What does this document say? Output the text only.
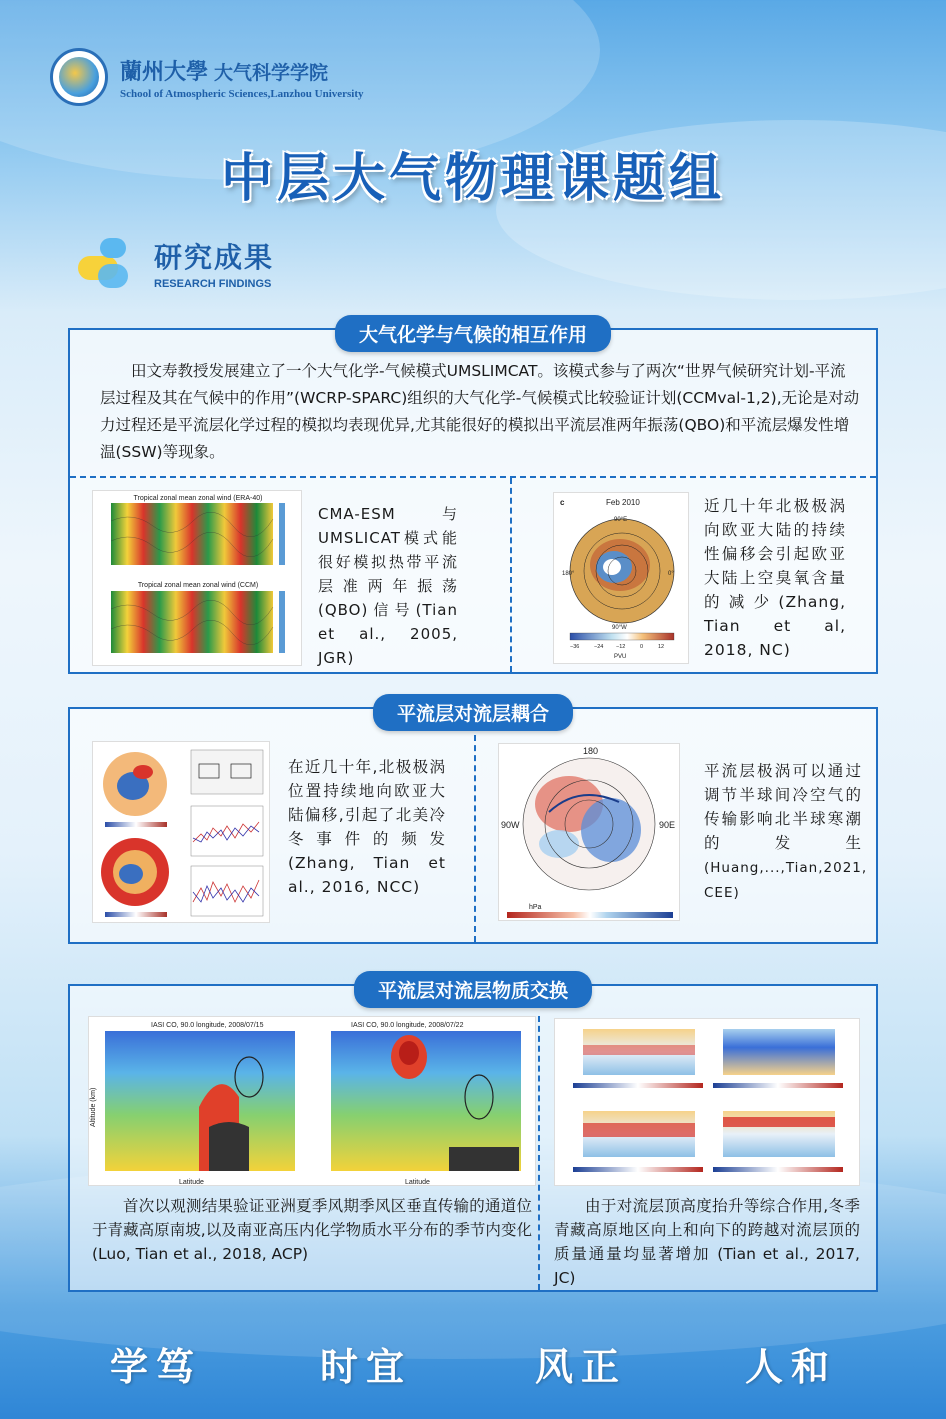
蘭州大學 大气科学学院
School of Atmospheric Sciences,Lanzhou University
中层大气物理课题组
研究成果
RESEARCH FINDINGS
大气化学与气候的相互作用
田文寿教授发展建立了一个大气化学-气候模式UMSLIMCAT。该模式参与了两次“世界气候研究计划-平流层过程及其在气候中的作用”(WCRP-SPARC)组织的大气化学-气候模式比较验证计划(CCMval-1,2),无论是对动力过程还是平流层化学过程的模拟均表现优异,尤其能很好的模拟出平流层准两年振荡(QBO)和平流层爆发性增温(SSW)等现象。
Tropical zonal mean zonal wind (ERA-40)
Tropical zonal mean zonal wind (CCM)
CMA-ESM与UMSLICAT模式能很好模拟热带平流层准两年振荡(QBO)信号(Tian et al., 2005, JGR)
Feb 2010
c
90°E
180°	0°
90°W
−36	−24 −12	0	12
PVU
近几十年北极极涡向欧亚大陆的持续性偏移会引起欧亚大陆上空臭氧含量的减少(Zhang, Tian et al, 2018, NC)
平流层对流层耦合
在近几十年,北极极涡位置持续地向欧亚大陆偏移,引起了北美冷冬事件的频发(Zhang, Tian et al., 2016, NCC)
180
90W	90E
hPa
平流层极涡可以通过调节半球间冷空气的传输影响北半球寒潮的发生 (Huang,...,Tian,2021, CEE)
平流层对流层物质交换
IASI CO, 90.0 longitude, 2008/07/15
Altitude (km)
Latitude
IASI CO, 90.0 longitude, 2008/07/22
Latitude
首次以观测结果验证亚洲夏季风期季风区垂直传输的通道位于青藏高原南坡,以及南亚高压内化学物质水平分布的季节内变化(Luo, Tian et al., 2018, ACP)
由于对流层顶高度抬升等综合作用,冬季青藏高原地区向上和向下的跨越对流层顶的质量通量均显著增加 (Tian et al., 2017, JC)
学笃	时宜	风正	人和
